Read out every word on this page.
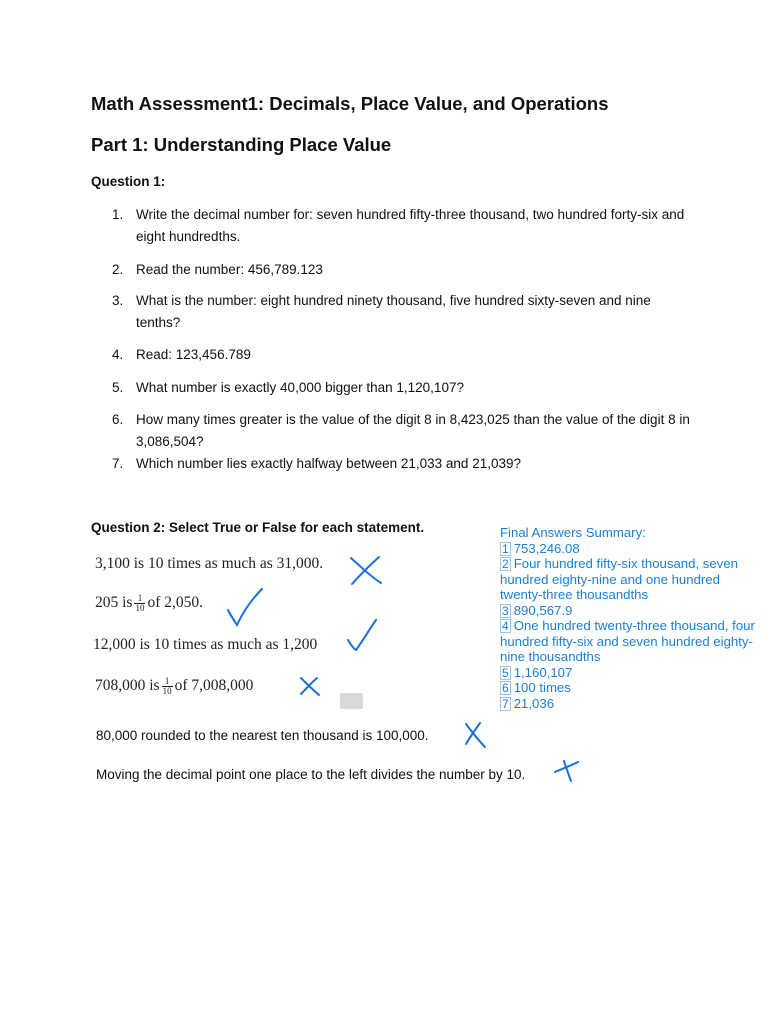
Math Assessment1: Decimals, Place Value, and Operations
Part 1: Understanding Place Value

Question 1:

1. Write the decimal number for: seven hundred fifty-three thousand, two hundred forty-six and eight hundredths.
2. Read the number: 456,789.123
3. What is the number: eight hundred ninety thousand, five hundred sixty-seven and nine tenths?
4. Read: 123,456.789
5. What number is exactly 40,000 bigger than 1,120,107?
6. How many times greater is the value of the digit 8 in 8,423,025 than the value of the digit 8 in 3,086,504?
7. Which number lies exactly halfway between 21,033 and 21,039?

Question 2: Select True or False for each statement.

3,100 is 10 times as much as 31,000.
205 is $\frac{1}{10}$ of 2,050.
12,000 is 10 times as much as 1,200
708,000 is $\frac{1}{10}$ of 7,008,000
80,000 rounded to the nearest ten thousand is 100,000.
Moving the decimal point one place to the left divides the number by 10.
Final Answers Summary:
1 753,246.08
2 Four hundred fifty-six thousand, seven hundred eighty-nine and one hundred twenty-three thousandths
3 890,567.9
4 One hundred twenty-three thousand, four hundred fifty-six and seven hundred eighty-nine thousandths
5 1,160,107
6 100 times
7 21,036
